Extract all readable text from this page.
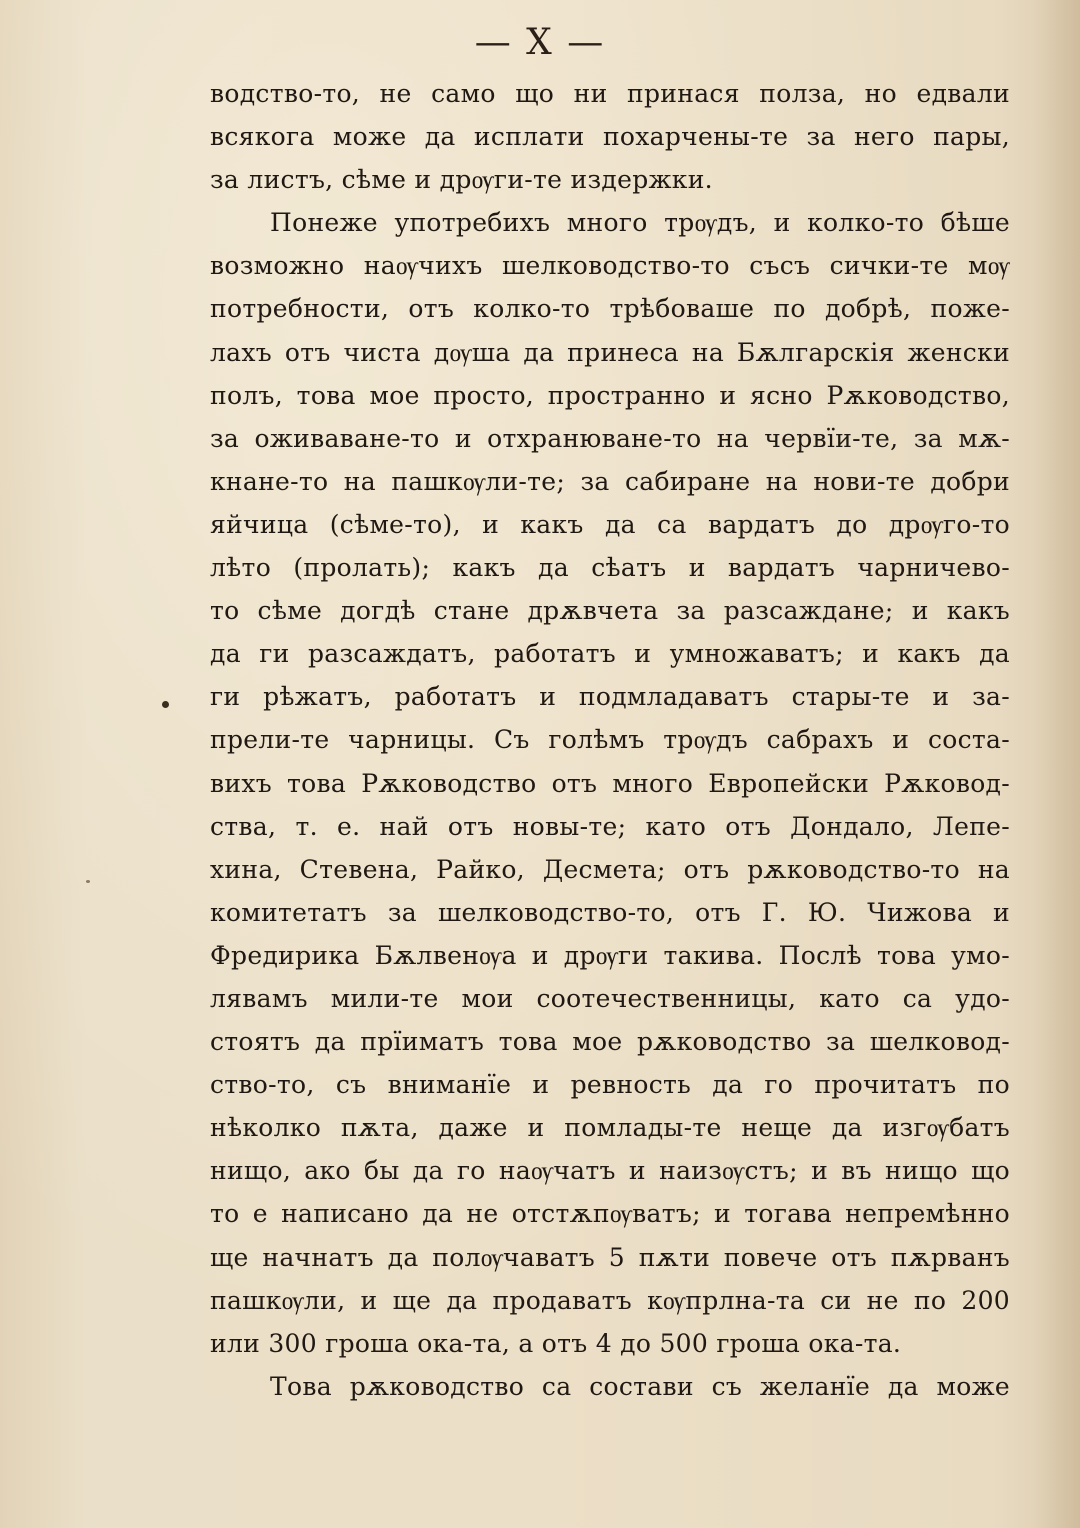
— X —
водство-то, не само що ни принася полза, но едвали
всякога може да исплати похарчены-те за него пары,
за листъ, сѣме и дрѹги-те издержки.
Понеже употребихъ много трѹдъ, и колко-то бѣше
возможно наѹчихъ шелководство-то съсъ сички-те мѹ
потребности, отъ колко-то трѣбоваше по добрѣ, поже-
лахъ отъ чиста дѹша да принеса на Бѫлгарскія женски
полъ, това мое просто, пространно и ясно Рѫководство,
за оживаване-то и отхранюване-то на червїи-те, за мѫ-
кнане-то на пашкѹли-те; за сабиране на нови-те добри
яйчица (сѣме-то), и какъ да са вардатъ до дрѹго-то
лѣто (пролать); какъ да сѣатъ и вардатъ чарничево-
то сѣме догдѣ стане дрѫвчета за разсаждане; и какъ
да ги разсаждатъ, работатъ и умножаватъ; и какъ да
ги рѣжатъ, работатъ и подмладаватъ стары-те и за-
прели-те чарницы. Съ голѣмъ трѹдъ сабрахъ и соста-
вихъ това Рѫководство отъ много Европейски Рѫковод-
ства, т. е. най отъ новы-те; като отъ Дондало, Лепе-
хина, Стевена, Райко, Десмета; отъ рѫководство-то на
комитетатъ за шелководство-то, отъ Г. Ю. Чижова и
Фредирика Бѫлвенѹа и дрѹги такива. Послѣ това умо-
лявамъ мили-те мои соотечественницы, като са удо-
стоятъ да прїиматъ това мое рѫководство за шелковод-
ство-то, съ вниманїе и ревность да го прочитатъ по
нѣколко пѫта, даже и помлады-те неще да изгѹбатъ
нищо, ако бы да го наѹчатъ и наизѹстъ; и въ нищо що
то е написано да не отстѫпѹватъ; и тогава непремѣнно
ще начнатъ да полѹчаватъ 5 пѫти повече отъ пѫрванъ
пашкѹли, и ще да продаватъ кѹпрлна-та си не по 200
или 300 гроша ока-та, а отъ 4 до 500 гроша ока-та.
Това рѫководство са состави съ желанїе да може
